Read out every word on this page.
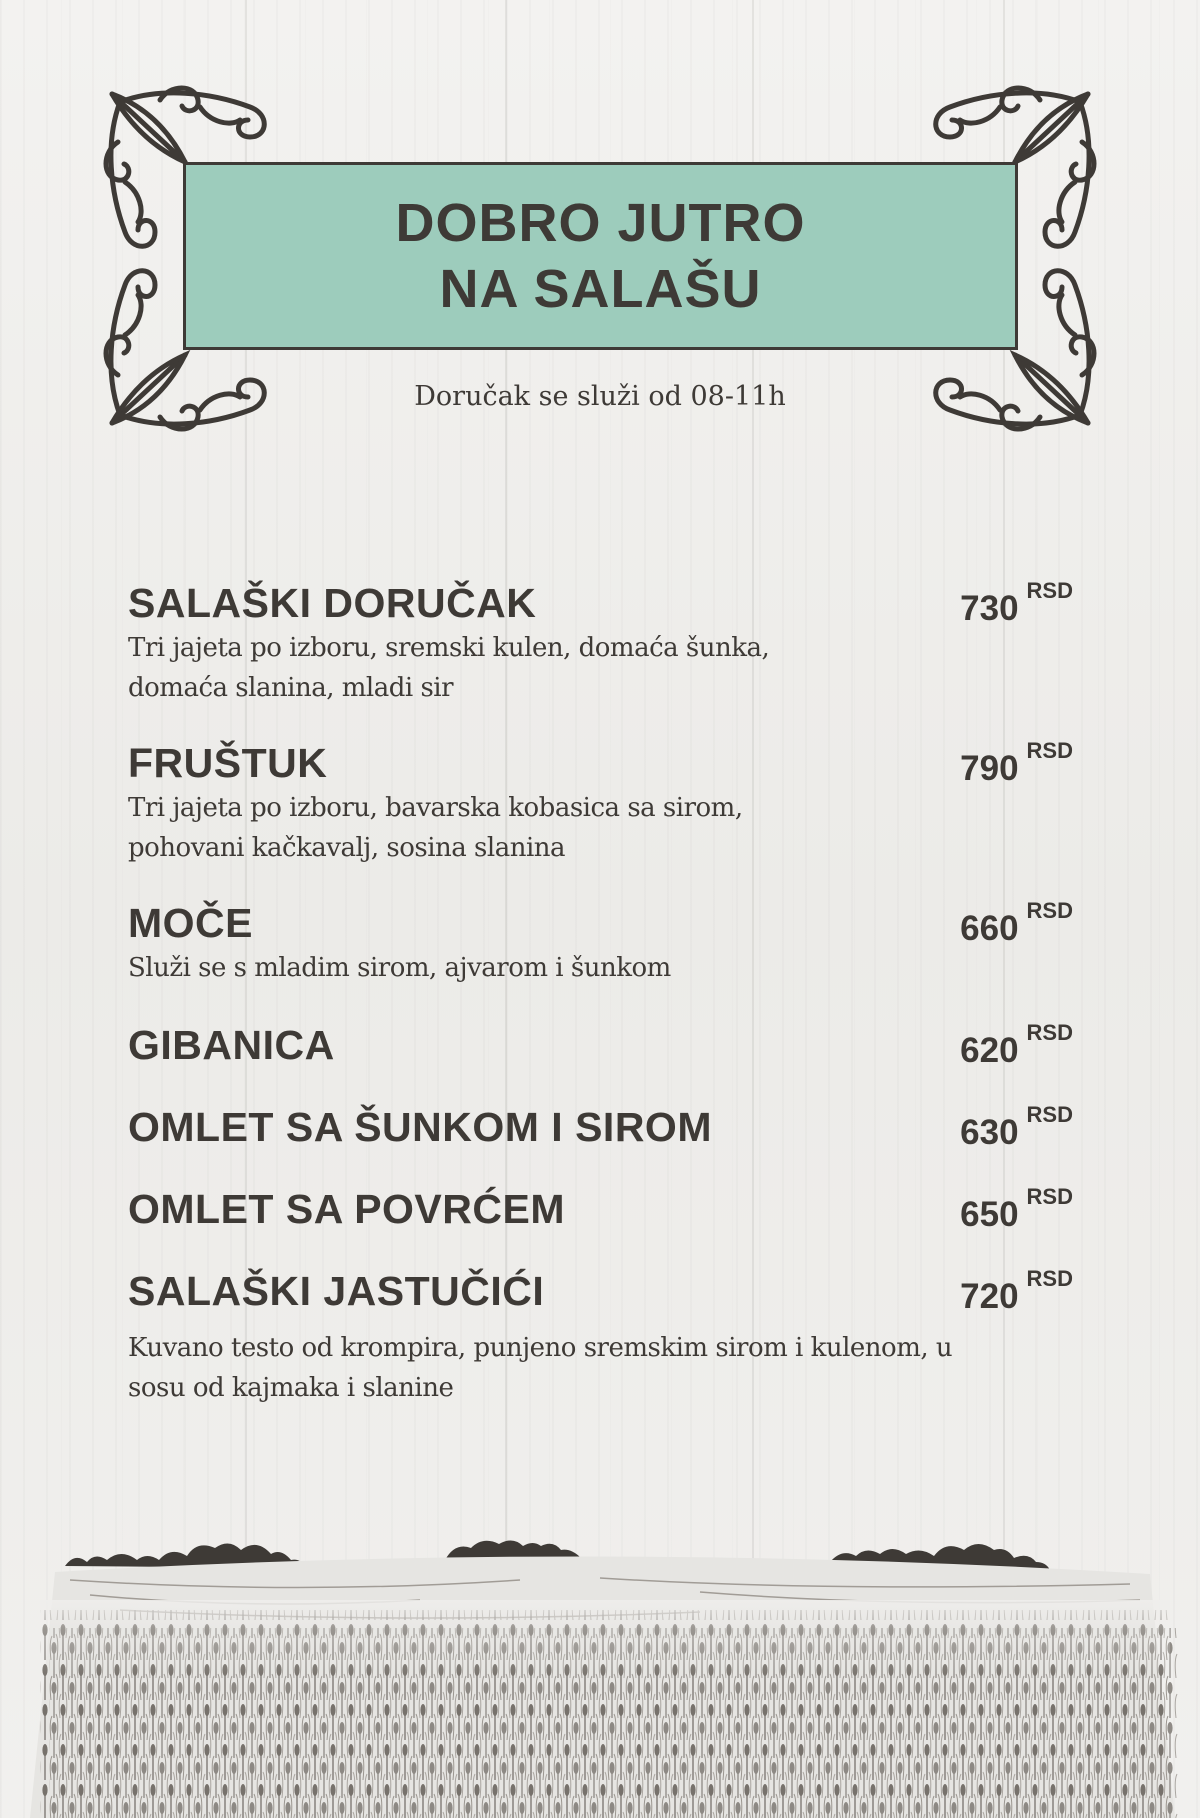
DOBRO JUTRO
NA SALAŠU
Doručak se služi od 08-11h
SALAŠKI DORUČAK	730 RSD
Tri jajeta po izboru, sremski kulen, domaća šunka,
domaća slanina, mladi sir
FRUŠTUK	790 RSD
Tri jajeta po izboru, bavarska kobasica sa sirom,
pohovani kačkavalj, sosina slanina
MOČE	660 RSD
Služi se s mladim sirom, ajvarom i šunkom
GIBANICA	620 RSD
OMLET SA ŠUNKOM I SIROM	630 RSD
OMLET SA POVRĆEM	650 RSD
SALAŠKI JASTUČIĆI	720 RSD
Kuvano testo od krompira, punjeno sremskim sirom i kulenom, u
sosu od kajmaka i slanine
